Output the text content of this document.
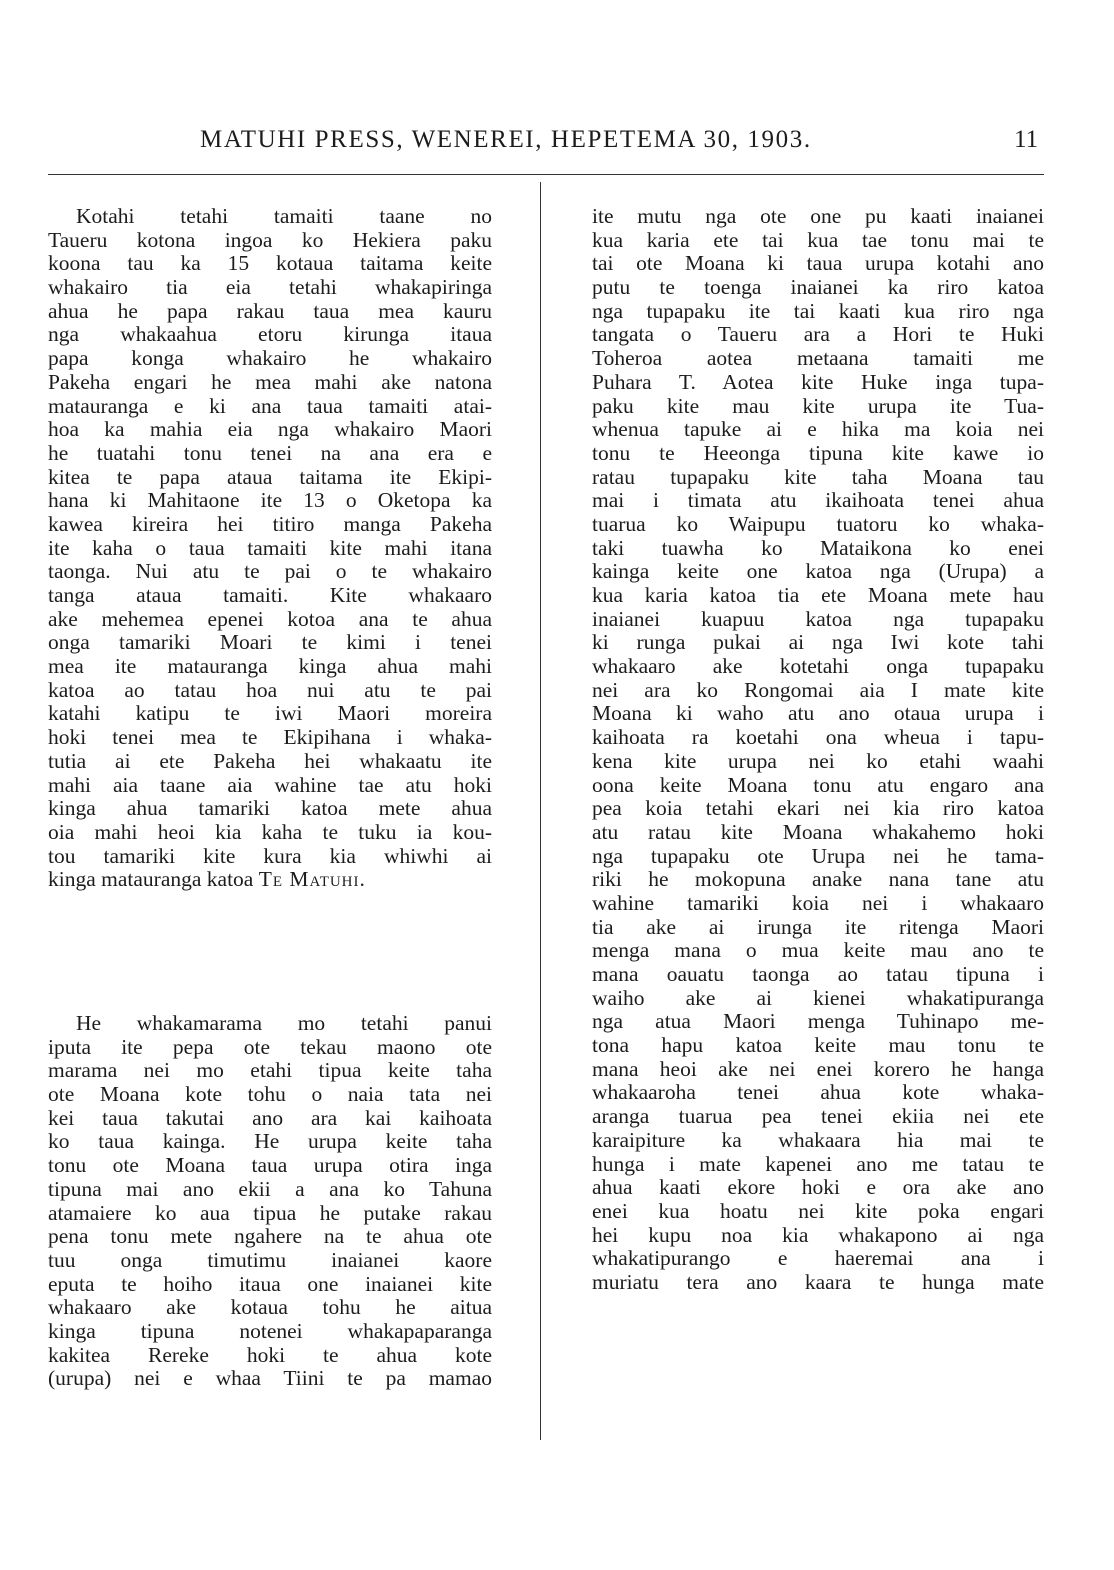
MATUHI PRESS, WENEREI, HEPETEMA 30, 1903.	11
Kotahi tetahi tamaiti taane no
Taueru kotona ingoa ko Hekiera paku
koona tau ka 15 kotaua taitama keite
whakairo tia eia tetahi whakapiringa
ahua he papa rakau taua mea kauru
nga whakaahua etoru kirunga itaua
papa konga whakairo he whakairo
Pakeha engari he mea mahi ake natona
matauranga e ki ana taua tamaiti atai-
hoa ka mahia eia nga whakairo Maori
he tuatahi tonu tenei na ana era e
kitea te papa ataua taitama ite Ekipi-
hana ki Mahitaone ite 13 o Oketopa ka
kawea kireira hei titiro manga Pakeha
ite kaha o taua tamaiti kite mahi itana
taonga. Nui atu te pai o te whakairo
tanga ataua tamaiti. Kite whakaaro
ake mehemea epenei kotoa ana te ahua
onga tamariki Moari te kimi i tenei
mea ite matauranga kinga ahua mahi
katoa ao tatau hoa nui atu te pai
katahi katipu te iwi Maori moreira
hoki tenei mea te Ekipihana i whaka-
tutia ai ete Pakeha hei whakaatu ite
mahi aia taane aia wahine tae atu hoki
kinga ahua tamariki katoa mete ahua
oia mahi heoi kia kaha te tuku ia kou-
tou tamariki kite kura kia whiwhi ai
kinga matauranga katoa Te Matuhi.
He whakamarama mo tetahi panui
iputa ite pepa ote tekau maono ote
marama nei mo etahi tipua keite taha
ote Moana kote tohu o naia tata nei
kei taua takutai ano ara kai kaihoata
ko taua kainga. He urupa keite taha
tonu ote Moana taua urupa otira inga
tipuna mai ano ekii a ana ko Tahuna
atamaiere ko aua tipua he putake rakau
pena tonu mete ngahere na te ahua ote
tuu onga timutimu inaianei kaore
eputa te hoiho itaua one inaianei kite
whakaaro ake kotaua tohu he aitua
kinga tipuna notenei whakapaparanga
kakitea Rereke hoki te ahua kote
(urupa) nei e whaa Tiini te pa mamao
ite mutu nga ote one pu kaati inaianei
kua karia ete tai kua tae tonu mai te
tai ote Moana ki taua urupa kotahi ano
putu te toenga inaianei ka riro katoa
nga tupapaku ite tai kaati kua riro nga
tangata o Taueru ara a Hori te Huki
Toheroa aotea metaana tamaiti me
Puhara T. Aotea kite Huke inga tupa-
paku kite mau kite urupa ite Tua-
whenua tapuke ai e hika ma koia nei
tonu te Heeonga tipuna kite kawe io
ratau tupapaku kite taha Moana tau
mai i timata atu ikaihoata tenei ahua
tuarua ko Waipupu tuatoru ko whaka-
taki tuawha ko Mataikona ko enei
kainga keite one katoa nga (Urupa) a
kua karia katoa tia ete Moana mete hau
inaianei kuapuu katoa nga tupapaku
ki runga pukai ai nga Iwi kote tahi
whakaaro ake kotetahi onga tupapaku
nei ara ko Rongomai aia I mate kite
Moana ki waho atu ano otaua urupa i
kaihoata ra koetahi ona wheua i tapu-
kena kite urupa nei ko etahi waahi
oona keite Moana tonu atu engaro ana
pea koia tetahi ekari nei kia riro katoa
atu ratau kite Moana whakahemo hoki
nga tupapaku ote Urupa nei he tama-
riki he mokopuna anake nana tane atu
wahine tamariki koia nei i whakaaro
tia ake ai irunga ite ritenga Maori
menga mana o mua keite mau ano te
mana oauatu taonga ao tatau tipuna i
waiho ake ai kienei whakatipuranga
nga atua Maori menga Tuhinapo me-
tona hapu katoa keite mau tonu te
mana heoi ake nei enei korero he hanga
whakaaroha tenei ahua kote whaka-
aranga tuarua pea tenei ekiia nei ete
karaipiture ka whakaara hia mai te
hunga i mate kapenei ano me tatau te
ahua kaati ekore hoki e ora ake ano
enei kua hoatu nei kite poka engari
hei kupu noa kia whakapono ai nga
whakatipurango e haeremai ana i
muriatu tera ano kaara te hunga mate
